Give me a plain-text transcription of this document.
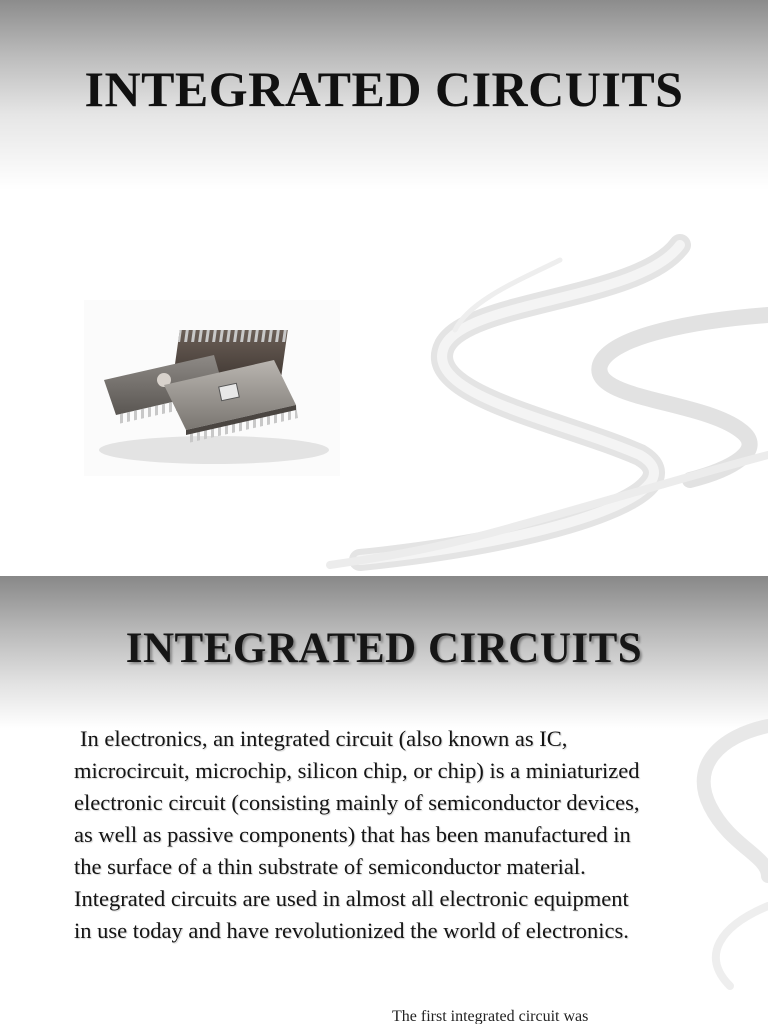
INTEGRATED CIRCUITS
INTEGRATED CIRCUITS

In electronics, an integrated circuit (also known as IC,
microcircuit, microchip, silicon chip, or chip) is a miniaturized
electronic circuit (consisting mainly of semiconductor devices,
as well as passive components) that has been manufactured in
the surface of a thin substrate of semiconductor material.
Integrated circuits are used in almost all electronic equipment
in use today and have revolutionized the world of electronics.

The first integrated circuit was
